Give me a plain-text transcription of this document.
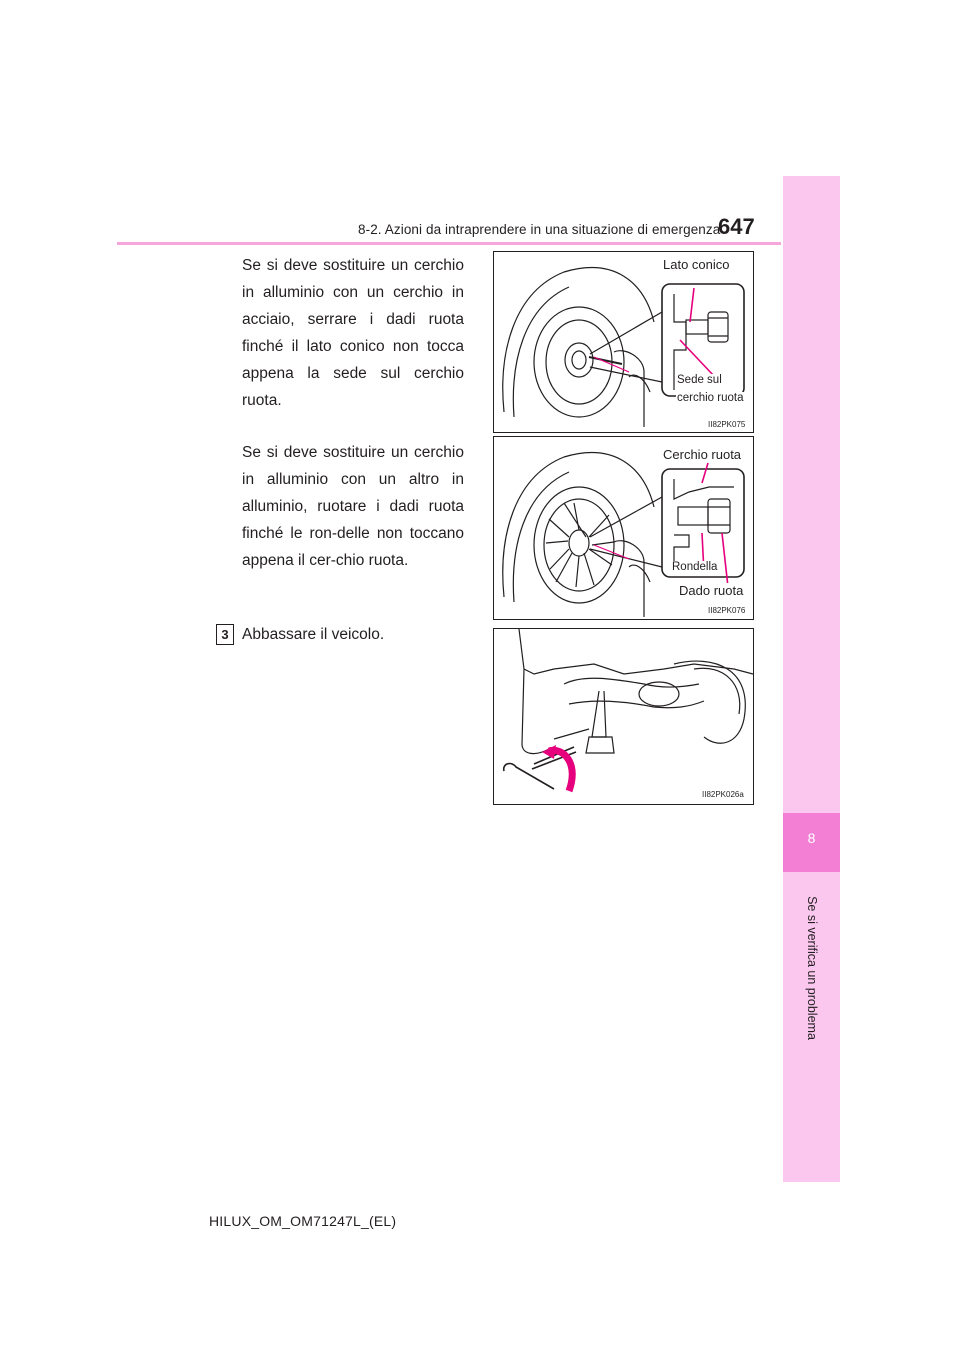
8-2. Azioni da intraprendere in una situazione di emergenza
647
8
Se si verifica un problema
Se si deve sostituire un cerchio in alluminio con un cerchio in acciaio, serrare i dadi ruota finché il lato conico non tocca appena la sede sul cerchio ruota.
Se si deve sostituire un cerchio in alluminio con un altro in alluminio, ruotare i dadi ruota finché le ron-delle non toccano appena il cer-chio ruota.
3 Abbassare il veicolo.
Lato conico
Sede sul
cerchio ruota
II82PK075
Cerchio ruota
Rondella
Dado ruota
II82PK076
II82PK026a
HILUX_OM_OM71247L_(EL)
